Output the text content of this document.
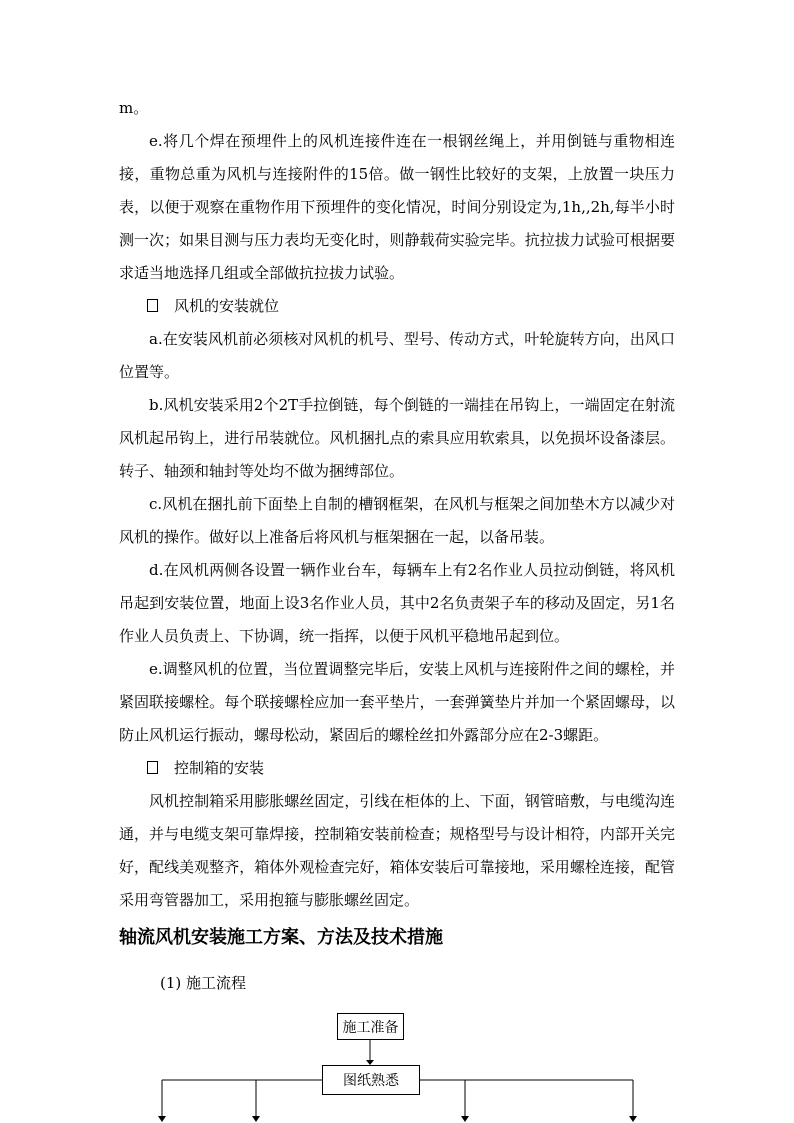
m。

e.将几个焊在预埋件上的风机连接件连在一根钢丝绳上，并用倒链与重物相连接，重物总重为风机与连接附件的15倍。做一钢性比较好的支架，上放置一块压力表，以便于观察在重物作用下预埋件的变化情况，时间分别设定为,1h,,2h,每半小时测一次；如果目测与压力表均无变化时，则静载荷实验完毕。抗拉拔力试验可根据要求适当地选择几组或全部做抗拉拔力试验。

风机的安装就位

a.在安装风机前必须核对风机的机号、型号、传动方式，叶轮旋转方向，出风口位置等。

b.风机安装采用2个2T手拉倒链，每个倒链的一端挂在吊钩上，一端固定在射流风机起吊钩上，进行吊装就位。风机捆扎点的索具应用软索具，以免损坏设备漆层。转子、轴颈和轴封等处均不做为捆缚部位。

c.风机在捆扎前下面垫上自制的槽钢框架，在风机与框架之间加垫木方以减少对风机的操作。做好以上准备后将风机与框架捆在一起，以备吊装。

d.在风机两侧各设置一辆作业台车，每辆车上有2名作业人员拉动倒链，将风机吊起到安装位置，地面上设3名作业人员，其中2名负责架子车的移动及固定，另1名作业人员负责上、下协调，统一指挥，以便于风机平稳地吊起到位。

e.调整风机的位置，当位置调整完毕后，安装上风机与连接附件之间的螺栓，并紧固联接螺栓。每个联接螺栓应加一套平垫片，一套弹簧垫片并加一个紧固螺母，以防止风机运行振动，螺母松动，紧固后的螺栓丝扣外露部分应在2-3螺距。

控制箱的安装

风机控制箱采用膨胀螺丝固定，引线在柜体的上、下面，钢管暗敷，与电缆沟连通，并与电缆支架可靠焊接，控制箱安装前检查；规格型号与设计相符，内部开关完好，配线美观整齐，箱体外观检查完好，箱体安装后可靠接地，采用螺栓连接，配管采用弯管器加工，采用抱箍与膨胀螺丝固定。

轴流风机安装施工方案、方法及技术措施
(1) 施工流程
施工准备
图纸熟悉
